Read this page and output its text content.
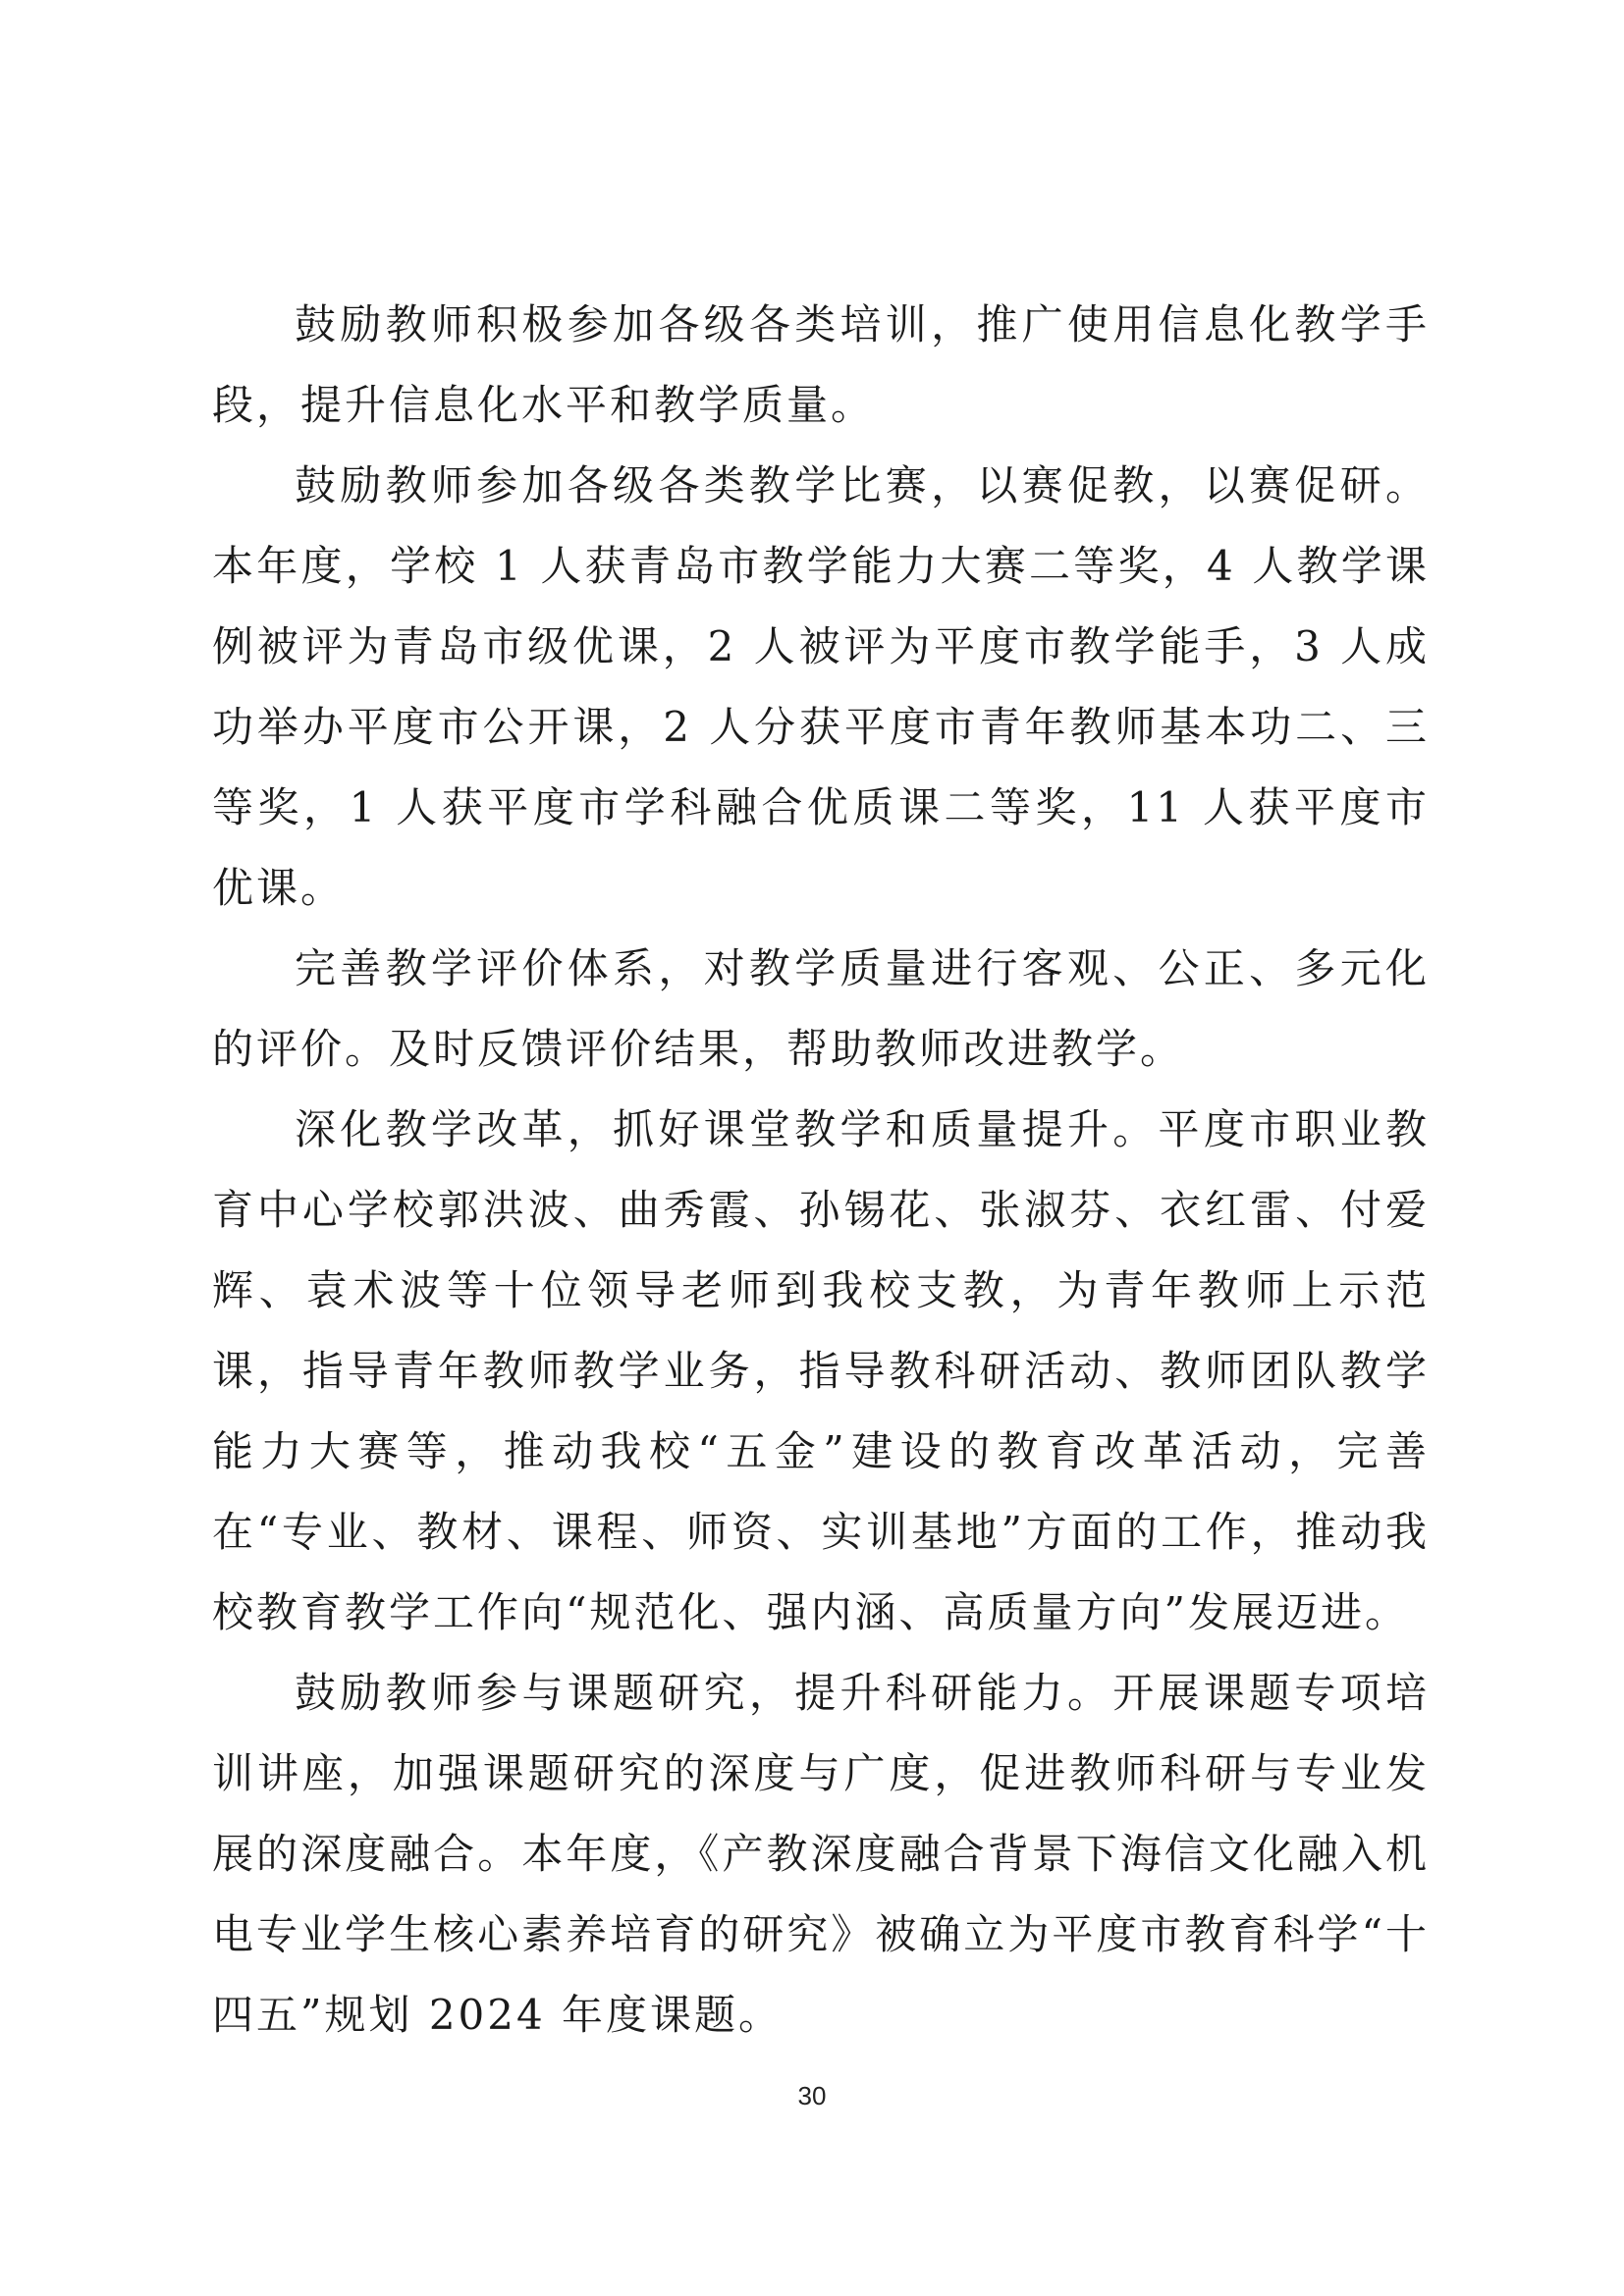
鼓励教师积极参加各级各类培训，推广使用信息化教学手段，提升信息化水平和教学质量。

鼓励教师参加各级各类教学比赛，以赛促教，以赛促研。本年度，学校 1 人获青岛市教学能力大赛二等奖，4 人教学课例被评为青岛市级优课，2 人被评为平度市教学能手，3 人成功举办平度市公开课，2 人分获平度市青年教师基本功二、三等奖，1 人获平度市学科融合优质课二等奖，11 人获平度市优课。

完善教学评价体系，对教学质量进行客观、公正、多元化的评价。及时反馈评价结果，帮助教师改进教学。

深化教学改革，抓好课堂教学和质量提升。平度市职业教育中心学校郭洪波、曲秀霞、孙锡花、张淑芬、衣红雷、付爱辉、袁术波等十位领导老师到我校支教，为青年教师上示范课，指导青年教师教学业务，指导教科研活动、教师团队教学能力大赛等，推动我校“五金”建设的教育改革活动，完善在“专业、教材、课程、师资、实训基地”方面的工作，推动我校教育教学工作向“规范化、强内涵、高质量方向”发展迈进。

鼓励教师参与课题研究，提升科研能力。开展课题专项培训讲座，加强课题研究的深度与广度，促进教师科研与专业发展的深度融合。本年度，《产教深度融合背景下海信文化融入机电专业学生核心素养培育的研究》被确立为平度市教育科学“十四五”规划 2024 年度课题。

30
